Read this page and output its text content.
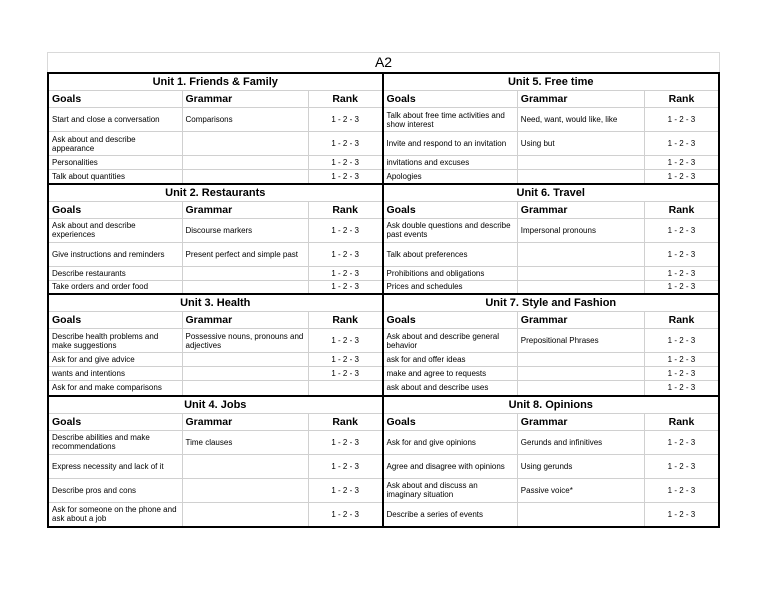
A2
Unit 1. Friends & Family
Goals	Grammar	Rank
Start and close a conversation	Comparisons	1 - 2 - 3
Ask about and describe appearance		1 - 2 - 3
Personalities		1 - 2 - 3
Talk about quantities		1 - 2 - 3
Unit 5. Free time
Goals	Grammar	Rank
Talk about free time activities and show interest	Need, want, would like, like	1 - 2 - 3
Invite and respond to an invitation	Using but	1 - 2 - 3
invitations and excuses		1 - 2 - 3
Apologies		1 - 2 - 3
Unit 2. Restaurants
Goals	Grammar	Rank
Ask about and describe experiences	Discourse markers	1 - 2 - 3
Give instructions and reminders	Present perfect and simple past	1 - 2 - 3
Describe restaurants		1 - 2 - 3
Take orders and order food		1 - 2 - 3
Unit 6. Travel
Goals	Grammar	Rank
Ask double questions and describe past events	Impersonal pronouns	1 - 2 - 3
Talk about preferences		1 - 2 - 3
Prohibitions and obligations		1 - 2 - 3
Prices and schedules		1 - 2 - 3
Unit 3. Health
Goals	Grammar	Rank
Describe health problems and make suggestions	Possessive nouns, pronouns and adjectives	1 - 2 - 3
Ask for and give advice		1 - 2 - 3
wants and intentions		1 - 2 - 3
Ask for and make comparisons		
Unit 7. Style and Fashion
Goals	Grammar	Rank
Ask about and describe general behavior	Prepositional Phrases	1 - 2 - 3
ask for and offer ideas		1 - 2 - 3
make and agree to requests		1 - 2 - 3
ask about and describe uses		1 - 2 - 3
Unit 4. Jobs
Goals	Grammar	Rank
Describe abilities and make recommendations	Time clauses	1 - 2 - 3
Express necessity and lack of it		1 - 2 - 3
Describe pros and cons		1 - 2 - 3
Ask for someone on the phone and ask about a job		1 - 2 - 3
Unit 8. Opinions
Goals	Grammar	Rank
Ask for and give opinions	Gerunds and infinitives	1 - 2 - 3
Agree and disagree with opinions	Using gerunds	1 - 2 - 3
Ask about and discuss an imaginary situation	Passive voice*	1 - 2 - 3
Describe a series of events		1 - 2 - 3
